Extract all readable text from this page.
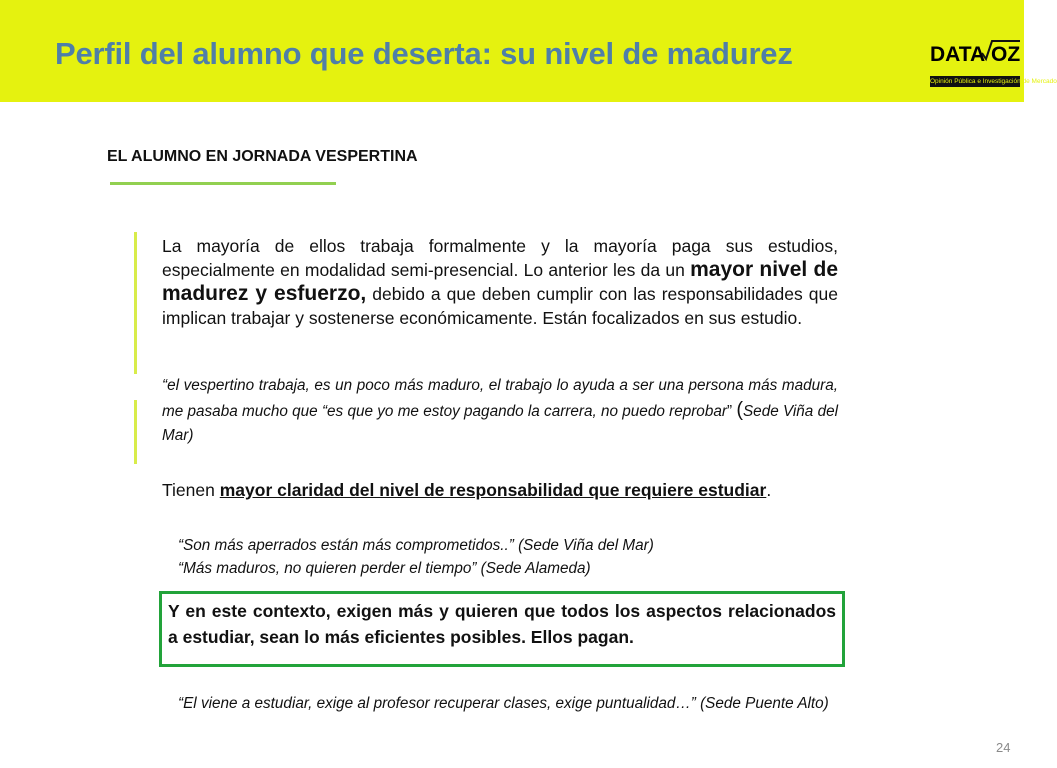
Perfil del alumno que deserta: su nivel de madurez	DATA OZ
Opinión Pública e Investigación de Mercado
EL ALUMNO EN JORNADA VESPERTINA
La mayoría de ellos trabaja formalmente y la mayoría paga sus estudios, especialmente en modalidad semi-presencial. Lo anterior les da un mayor nivel de madurez y esfuerzo, debido a que deben cumplir con las responsabilidades que implican trabajar y sostenerse económicamente. Están focalizados en sus estudio.
“el vespertino trabaja, es un poco más maduro, el trabajo lo ayuda a ser una persona más madura, me pasaba mucho que “es que yo me estoy pagando la carrera, no puedo reprobar” (Sede Viña del Mar)
Tienen mayor claridad del nivel de responsabilidad que requiere estudiar.
“Son más aperrados están más comprometidos..” (Sede Viña del Mar)
“Más maduros, no quieren perder el tiempo” (Sede Alameda)
Y en este contexto, exigen más y quieren que todos los aspectos relacionados a estudiar, sean lo más eficientes posibles. Ellos pagan.
“El viene a estudiar, exige al profesor recuperar clases, exige puntualidad…” (Sede Puente Alto)
24
